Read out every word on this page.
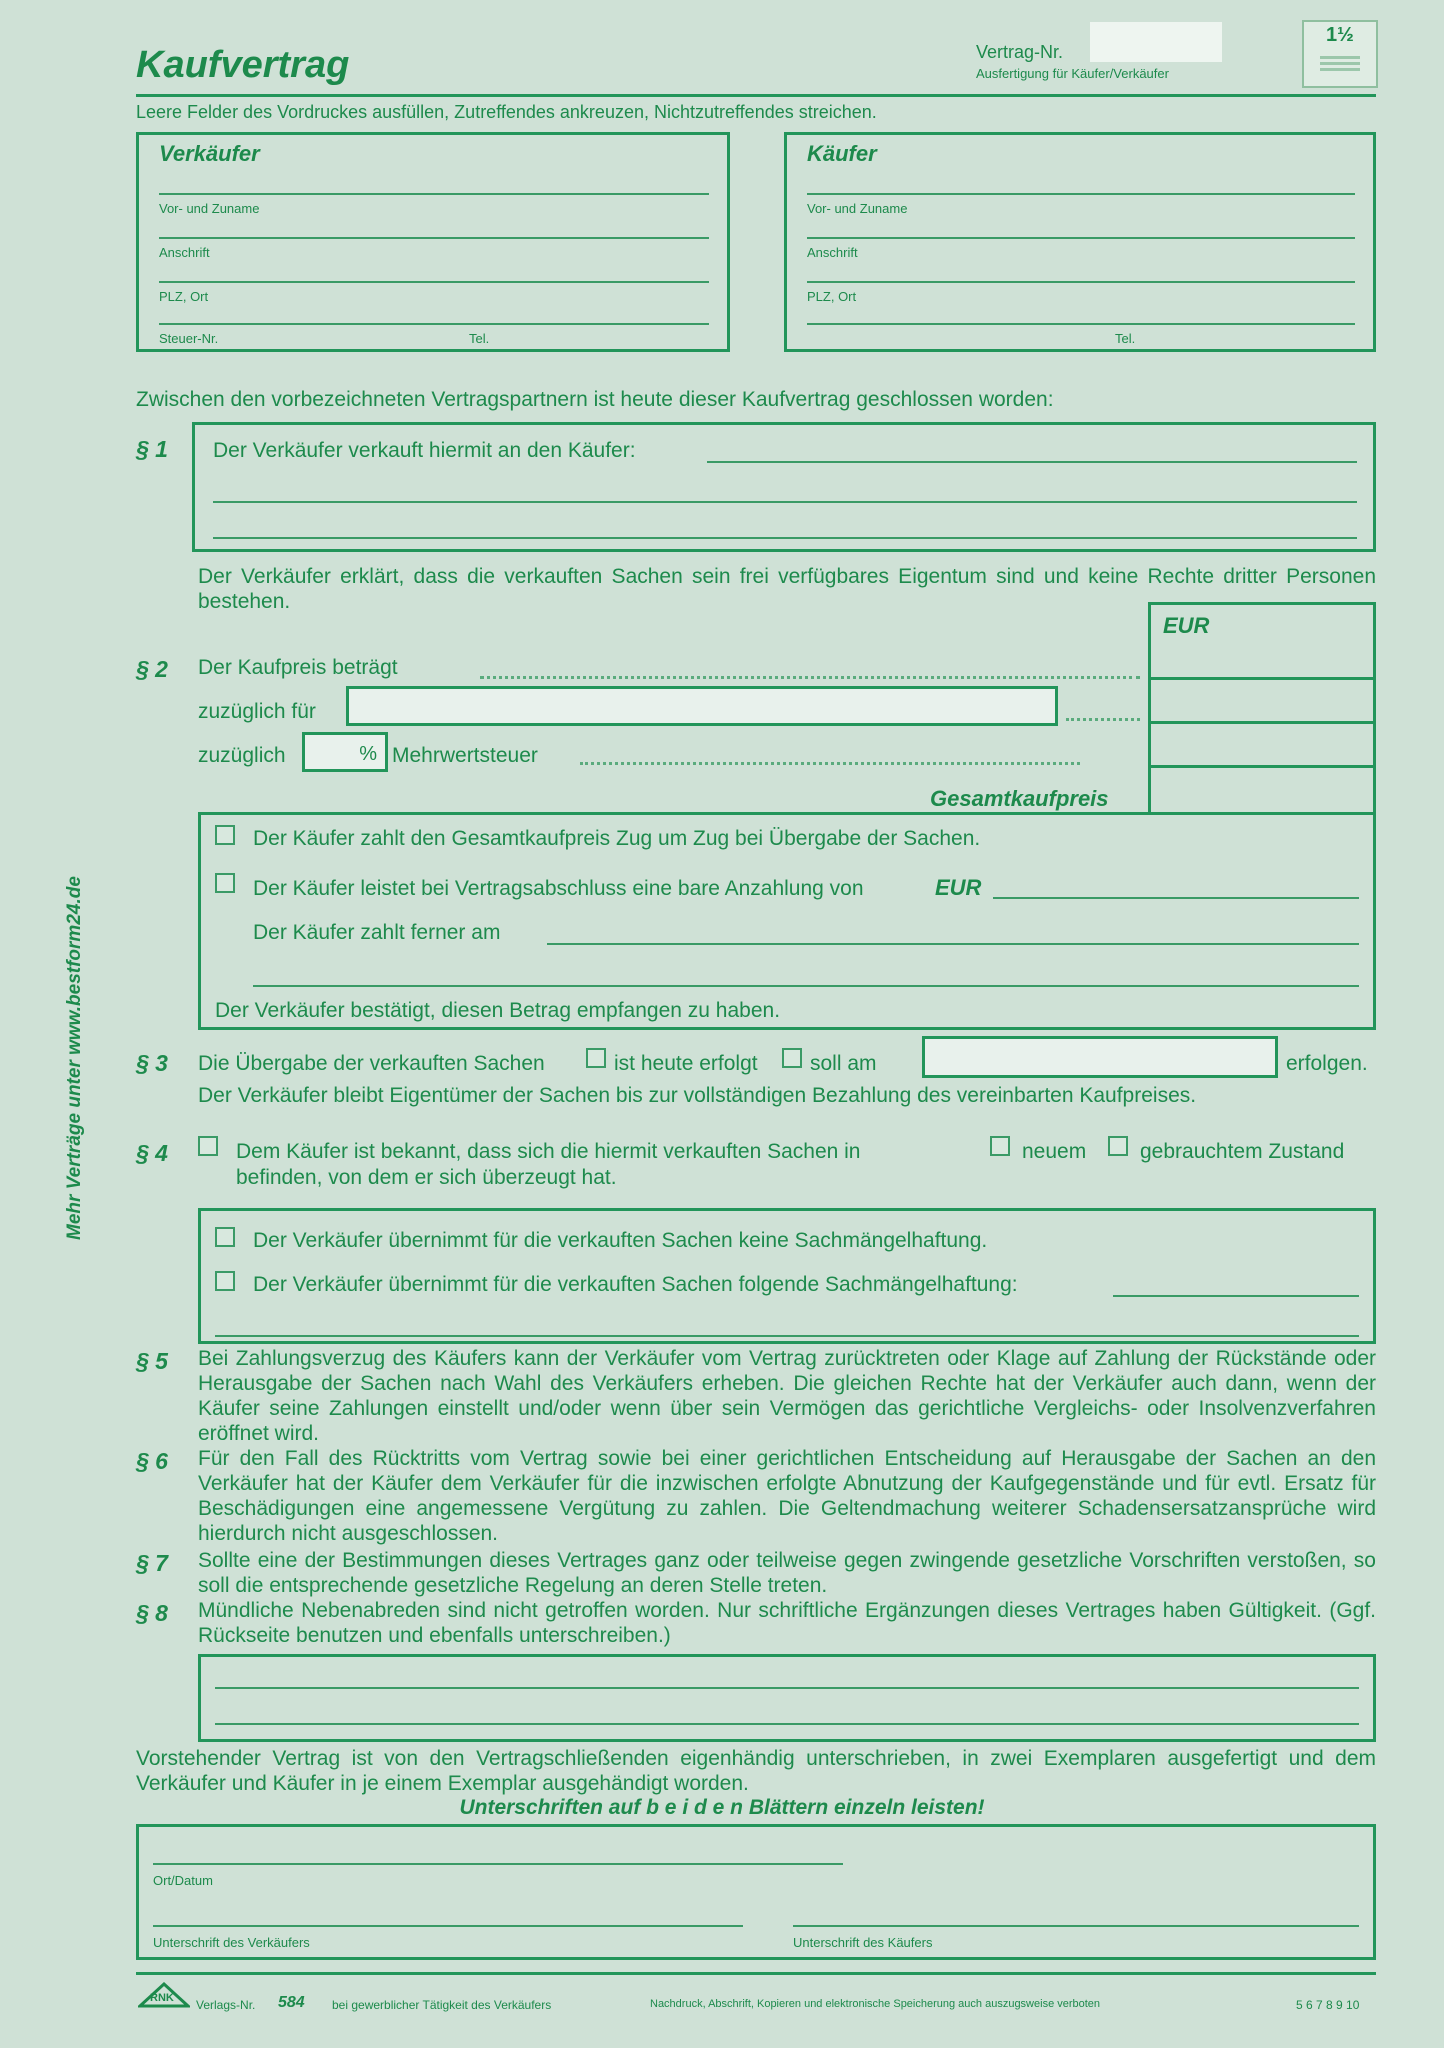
Kaufvertrag	Vertrag-Nr.
Ausfertigung für Käufer/Verkäufer
1½
Leere Felder des Vordruckes ausfüllen, Zutreffendes ankreuzen, Nichtzutreffendes streichen.
Verkäufer
Vor- und Zuname
Anschrift
PLZ, Ort
Steuer-Nr.	Tel.
Käufer
Vor- und Zuname
Anschrift
PLZ, Ort
Tel.
Zwischen den vorbezeichneten Vertragspartnern ist heute dieser Kaufvertrag geschlossen worden:
§ 1 Der Verkäufer verkauft hiermit an den Käufer:
Der Verkäufer erklärt, dass die verkauften Sachen sein frei verfügbares Eigentum sind und keine Rechte dritter Personen bestehen.
EUR
§ 2 Der Kaufpreis beträgt
zuzüglich für
zuzüglich	% Mehrwertsteuer
Gesamtkaufpreis
Der Käufer zahlt den Gesamtkaufpreis Zug um Zug bei Übergabe der Sachen.
Der Käufer leistet bei Vertragsabschluss eine bare Anzahlung von	EUR
Der Käufer zahlt ferner am
Der Verkäufer bestätigt, diesen Betrag empfangen zu haben.
§ 3 Die Übergabe der verkauften Sachen	ist heute erfolgt soll am	erfolgen.
Der Verkäufer bleibt Eigentümer der Sachen bis zur vollständigen Bezahlung des vereinbarten Kaufpreises.
§ 4	Dem Käufer ist bekannt, dass sich die hiermit verkauften Sachen in	neuem	gebrauchtem Zustand
befinden, von dem er sich überzeugt hat.
Der Verkäufer übernimmt für die verkauften Sachen keine Sachmängelhaftung.
Der Verkäufer übernimmt für die verkauften Sachen folgende Sachmängelhaftung:
§ 5 Bei Zahlungsverzug des Käufers kann der Verkäufer vom Vertrag zurücktreten oder Klage auf Zahlung der Rückstände oder Herausgabe der Sachen nach Wahl des Verkäufers erheben. Die gleichen Rechte hat der Verkäufer auch dann, wenn der Käufer seine Zahlungen einstellt und/oder wenn über sein Vermögen das gerichtliche Vergleichs- oder Insolvenzverfahren eröffnet wird.
§ 6 Für den Fall des Rücktritts vom Vertrag sowie bei einer gerichtlichen Entscheidung auf Herausgabe der Sachen an den Verkäufer hat der Käufer dem Verkäufer für die inzwischen erfolgte Abnutzung der Kaufgegenstände und für evtl. Ersatz für Beschädigungen eine angemessene Vergütung zu zahlen. Die Geltendmachung weiterer Schadensersatzansprüche wird hierdurch nicht ausgeschlossen.
§ 7 Sollte eine der Bestimmungen dieses Vertrages ganz oder teilweise gegen zwingende gesetzliche Vorschriften verstoßen, so soll die entsprechende gesetzliche Regelung an deren Stelle treten.
§ 8 Mündliche Nebenabreden sind nicht getroffen worden. Nur schriftliche Ergänzungen dieses Vertrages haben Gültigkeit. (Ggf. Rückseite benutzen und ebenfalls unterschreiben.)
Vorstehender Vertrag ist von den Vertragschließenden eigenhändig unterschrieben, in zwei Exemplaren ausgefertigt und dem Verkäufer und Käufer in je einem Exemplar ausgehändigt worden.
Unterschriften auf b e i d e n Blättern einzeln leisten!
Ort/Datum
Unterschrift des Verkäufers	Unterschrift des Käufers
Mehr Verträge unter www.bestform24.de
RNK Verlags-Nr. 584 bei gewerblicher Tätigkeit des Verkäufers	Nachdruck, Abschrift, Kopieren und elektronische Speicherung auch auszugsweise verboten	5 6 7 8 9 10
